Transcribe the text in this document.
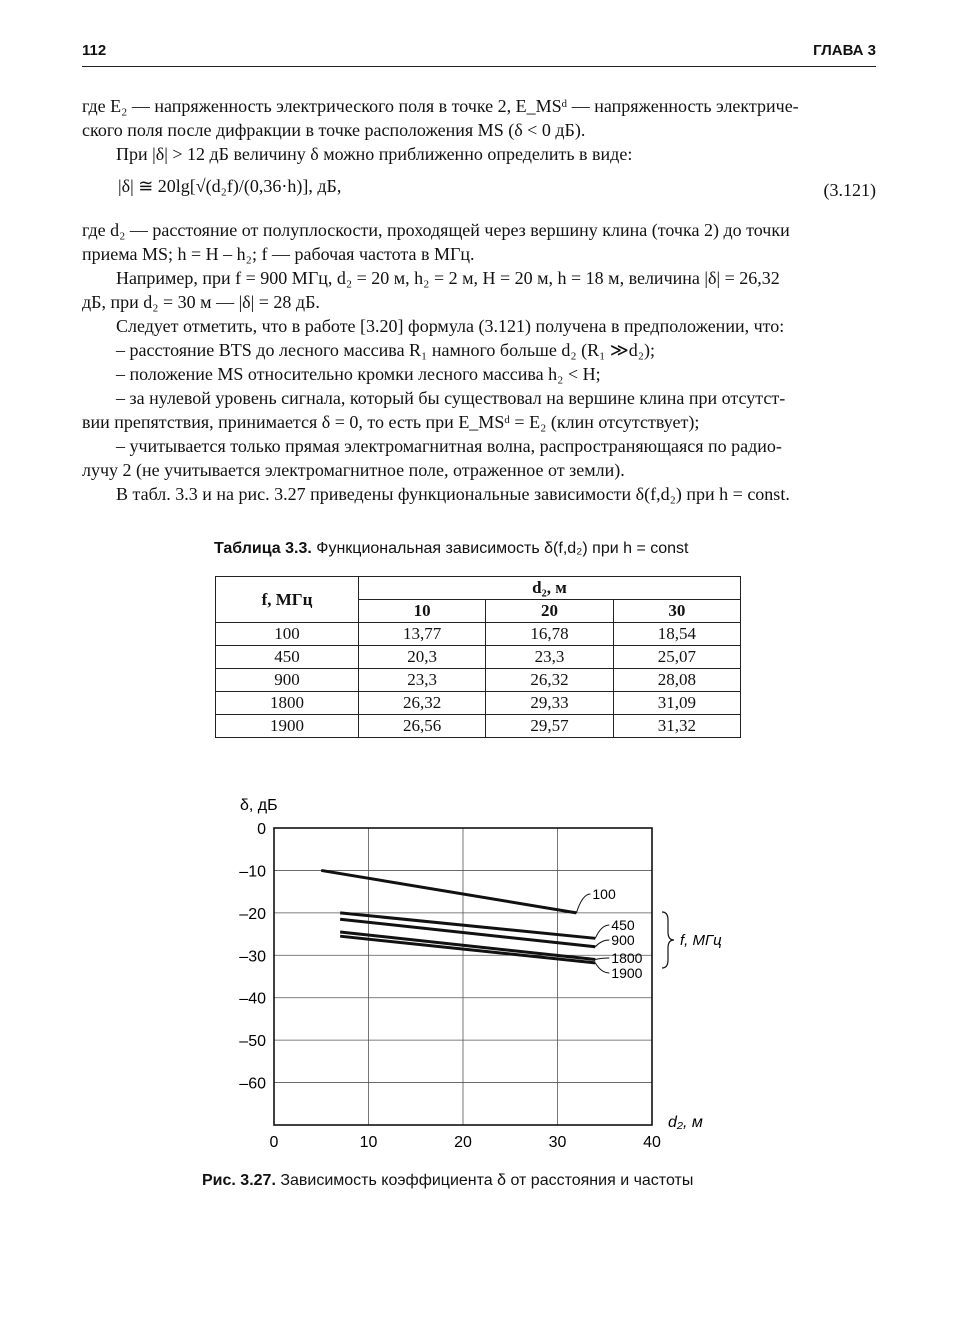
112	ГЛАВА 3
где E₂ — напряженность электрического поля в точке 2, E_MSᵈ — напряженность электриче-
ского поля после дифракции в точке расположения MS (δ < 0 дБ).
При |δ| > 12 дБ величину δ можно приближенно определить в виде:
|δ| ≅ 20lg[√(d₂f)/(0,36·h)], дБ,	(3.121)
где d₂ — расстояние от полуплоскости, проходящей через вершину клина (точка 2) до точки
приема MS; h = H – h₂; f — рабочая частота в МГц.
Например, при f = 900 МГц, d₂ = 20 м, h₂ = 2 м, H = 20 м, h = 18 м, величина |δ| = 26,32
дБ, при d₂ = 30 м — |δ| = 28 дБ.
Следует отметить, что в работе [3.20] формула (3.121) получена в предположении, что:
– расстояние BTS до лесного массива R₁ намного больше d₂ (R₁ ≫d₂);
– положение MS относительно кромки лесного массива h₂ < H;
– за нулевой уровень сигнала, который бы существовал на вершине клина при отсутст-
вии препятствия, принимается δ = 0, то есть при E_MSᵈ = E₂ (клин отсутствует);
– учитывается только прямая электромагнитная волна, распространяющаяся по радио-
лучу 2 (не учитывается электромагнитное поле, отраженное от земли).
В табл. 3.3 и на рис. 3.27 приведены функциональные зависимости δ(f,d₂) при h = const.
Таблица 3.3. Функциональная зависимость δ(f,d₂) при h = const
f, МГц	d₂, м		
	10	20	30
100	13,77	16,78	18,54
450	20,3	23,3	25,07
900	23,3	26,32	28,08
1800	26,32	29,33	31,09
1900	26,56	29,57	31,32
0
–10
–20
–30
–40
–50
–60
0	10	20	30	40
δ, дБ
d₂, м
100
450
900
1800
1900
f, МГц
Рис. 3.27. Зависимость коэффициента δ от расстояния и частоты
